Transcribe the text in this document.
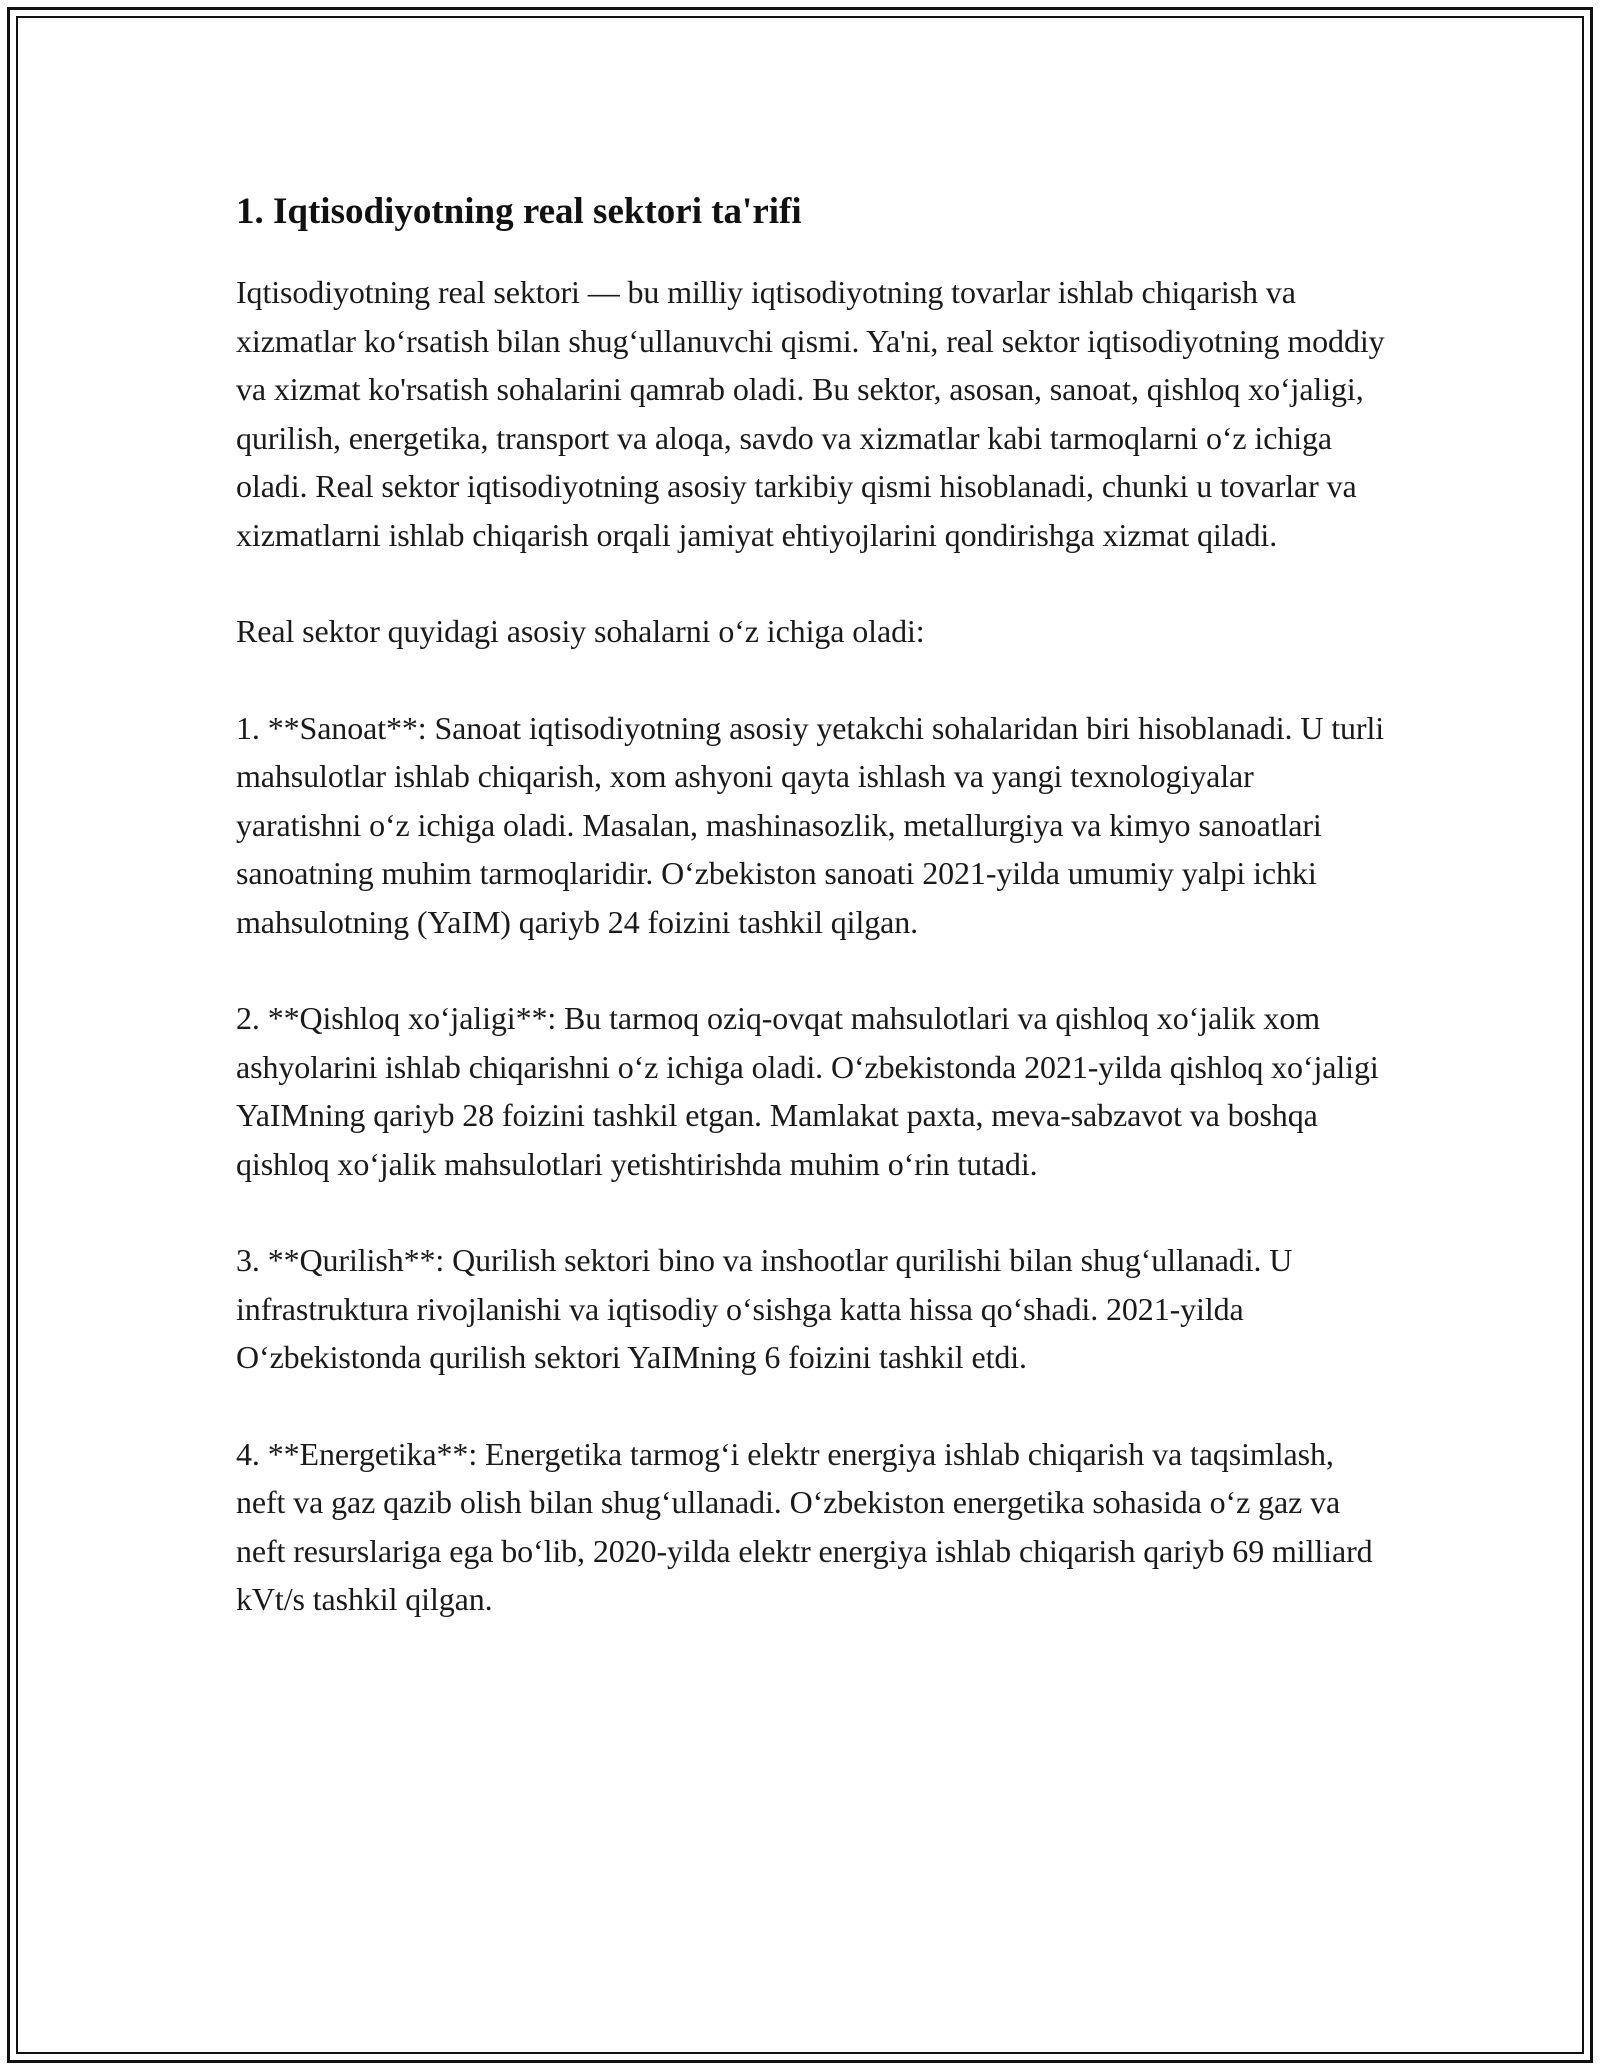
1. Iqtisodiyotning real sektori ta'rifi

Iqtisodiyotning real sektori — bu milliy iqtisodiyotning tovarlar ishlab chiqarish va xizmatlar ko‘rsatish bilan shug‘ullanuvchi qismi. Ya'ni, real sektor iqtisodiyotning moddiy va xizmat ko'rsatish sohalarini qamrab oladi. Bu sektor, asosan, sanoat, qishloq xo‘jaligi, qurilish, energetika, transport va aloqa, savdo va xizmatlar kabi tarmoqlarni o‘z ichiga oladi. Real sektor iqtisodiyotning asosiy tarkibiy qismi hisoblanadi, chunki u tovarlar va xizmatlarni ishlab chiqarish orqali jamiyat ehtiyojlarini qondirishga xizmat qiladi.

Real sektor quyidagi asosiy sohalarni o‘z ichiga oladi:

1. **Sanoat**: Sanoat iqtisodiyotning asosiy yetakchi sohalaridan biri hisoblanadi. U turli mahsulotlar ishlab chiqarish, xom ashyoni qayta ishlash va yangi texnologiyalar yaratishni o‘z ichiga oladi. Masalan, mashinasozlik, metallurgiya va kimyo sanoatlari sanoatning muhim tarmoqlaridir. O‘zbekiston sanoati 2021-yilda umumiy yalpi ichki mahsulotning (YaIM) qariyb 24 foizini tashkil qilgan.

2. **Qishloq xo‘jaligi**: Bu tarmoq oziq-ovqat mahsulotlari va qishloq xo‘jalik xom ashyolarini ishlab chiqarishni o‘z ichiga oladi. O‘zbekistonda 2021-yilda qishloq xo‘jaligi YaIMning qariyb 28 foizini tashkil etgan. Mamlakat paxta, meva-sabzavot va boshqa qishloq xo‘jalik mahsulotlari yetishtirishda muhim o‘rin tutadi.

3. **Qurilish**: Qurilish sektori bino va inshootlar qurilishi bilan shug‘ullanadi. U infrastruktura rivojlanishi va iqtisodiy o‘sishga katta hissa qo‘shadi. 2021-yilda O‘zbekistonda qurilish sektori YaIMning 6 foizini tashkil etdi.

4. **Energetika**: Energetika tarmog‘i elektr energiya ishlab chiqarish va taqsimlash, neft va gaz qazib olish bilan shug‘ullanadi. O‘zbekiston energetika sohasida o‘z gaz va neft resurslariga ega bo‘lib, 2020-yilda elektr energiya ishlab chiqarish qariyb 69 milliard kVt/s tashkil qilgan.
